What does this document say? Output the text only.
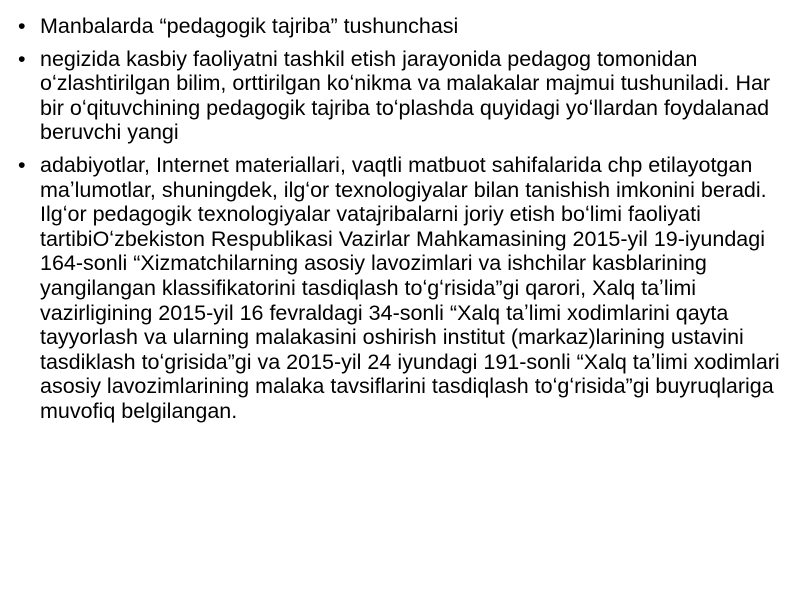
• Manbalarda “pedagogik tajriba” tushunchasi
• negizida kasbiy faoliyatni tashkil etish jarayonida pedagog tomonidan oʻzlashtirilgan bilim, orttirilgan koʻnikma va malakalar majmui tushuniladi. Har bir oʻqituvchining pedagogik tajriba toʻplashda quyidagi yoʻllardan foydalanad beruvchi yangi
• adabiyotlar, Internet materiallari, vaqtli matbuot sahifalarida chp etilayotgan maʼlumotlar, shuningdek, ilgʻor texnologiyalar bilan tanishish imkonini beradi. Ilgʻor pedagogik texnologiyalar vatajribalarni joriy etish boʻlimi faoliyati tartibiOʻzbekiston Respublikasi Vazirlar Mahkamasining 2015-yil 19-iyundagi 164-sonli “Xizmatchilarning asosiy lavozimlari va ishchilar kasblarining yangilangan klassifikatorini tasdiqlash toʻgʻrisida”gi qarori, Xalq taʼlimi vazirligining 2015-yil 16 fevraldagi 34-sonli “Xalq taʼlimi xodimlarini qayta tayyorlash va ularning malakasini oshirish institut (markaz)larining ustavini tasdiklash toʻgrisida”gi va 2015-yil 24 iyundagi 191-sonli “Xalq taʼlimi xodimlari asosiy lavozimlarining malaka tavsiflarini tasdiqlash toʻgʻrisida”gi buyruqlariga muvofiq belgilangan.
